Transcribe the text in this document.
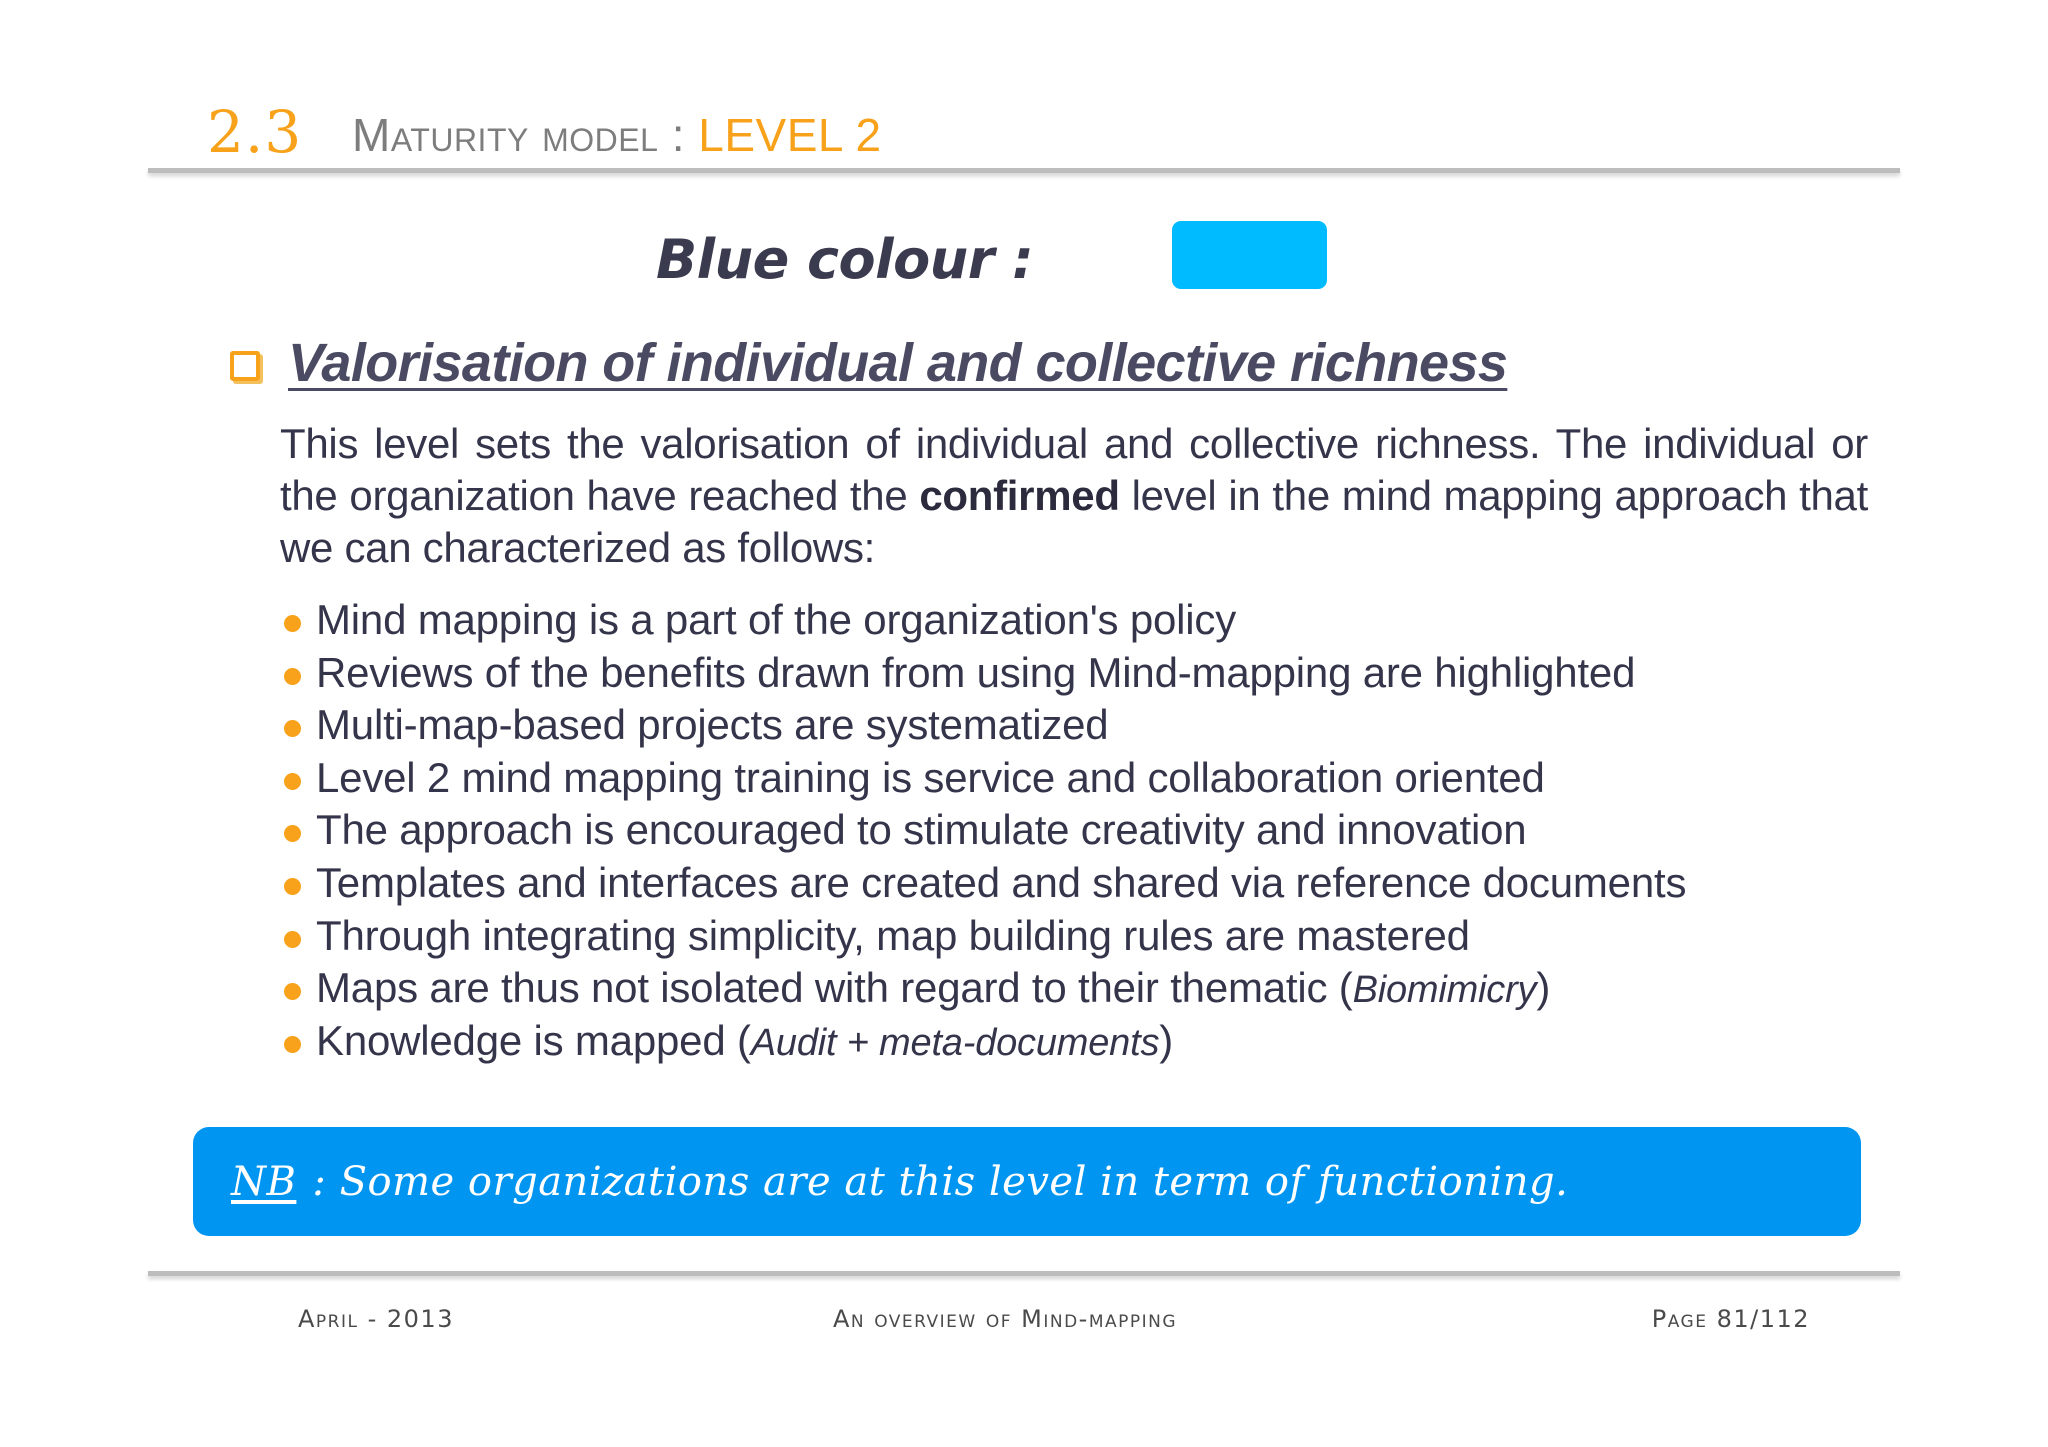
2.3 Maturity model : LEVEL 2
Blue colour :
Valorisation of individual and collective richness
This level sets the valorisation of individual and collective richness. The individual or the organization have reached the confirmed level in the mind mapping approach that we can characterized as follows:
Mind mapping is a part of the organization's policy
Reviews of the benefits drawn from using Mind-mapping are highlighted
Multi-map-based projects are systematized
Level 2 mind mapping training is service and collaboration oriented
The approach is encouraged to stimulate creativity and innovation
Templates and interfaces are created and shared via reference documents
Through integrating simplicity, map building rules are mastered
Maps are thus not isolated with regard to their thematic (Biomimicry)
Knowledge is mapped (Audit + meta-documents)
NB : Some organizations are at this level in term of functioning.
April - 2013	An overview of Mind-mapping	Page 81/112
